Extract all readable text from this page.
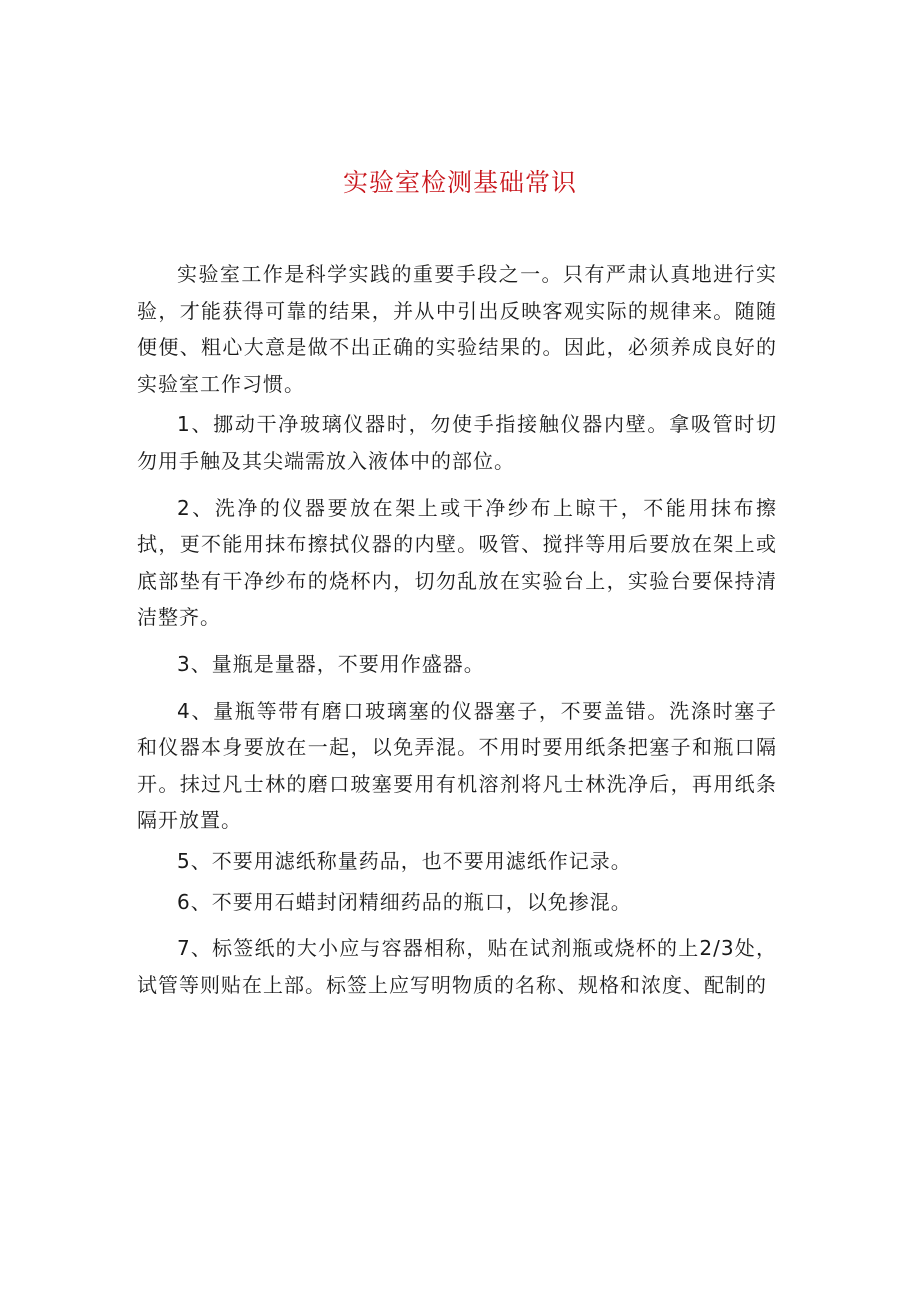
实验室检测基础常识

实验室工作是科学实践的重要手段之一。只有严肃认真地进行实验，才能获得可靠的结果，并从中引出反映客观实际的规律来。随随便便、粗心大意是做不出正确的实验结果的。因此，必须养成良好的实验室工作习惯。

1、挪动干净玻璃仪器时，勿使手指接触仪器内壁。拿吸管时切勿用手触及其尖端需放入液体中的部位。

2、洗净的仪器要放在架上或干净纱布上晾干，不能用抹布擦拭，更不能用抹布擦拭仪器的内壁。吸管、搅拌等用后要放在架上或底部垫有干净纱布的烧杯内，切勿乱放在实验台上，实验台要保持清洁整齐。

3、量瓶是量器，不要用作盛器。

4、量瓶等带有磨口玻璃塞的仪器塞子，不要盖错。洗涤时塞子和仪器本身要放在一起，以免弄混。不用时要用纸条把塞子和瓶口隔开。抹过凡士林的磨口玻塞要用有机溶剂将凡士林洗净后，再用纸条隔开放置。

5、不要用滤纸称量药品，也不要用滤纸作记录。

6、不要用石蜡封闭精细药品的瓶口，以免掺混。

7、标签纸的大小应与容器相称，贴在试剂瓶或烧杯的上2/3处，试管等则贴在上部。标签上应写明物质的名称、规格和浓度、配制的
